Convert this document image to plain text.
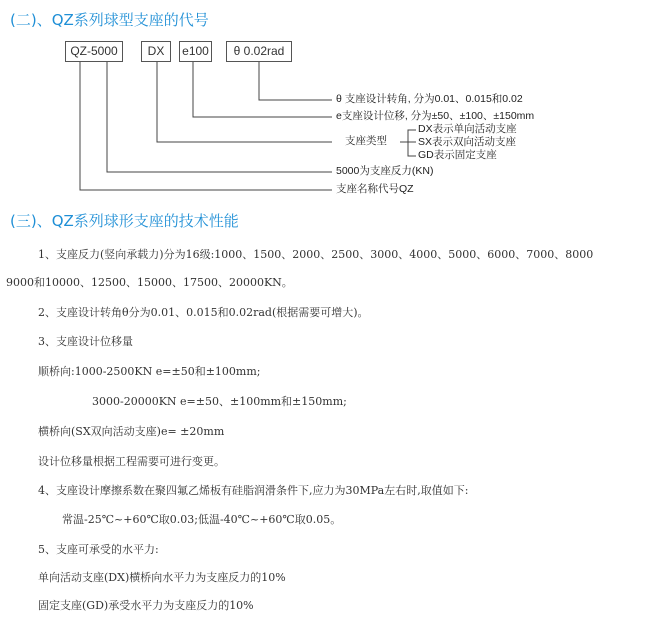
(二)、QZ系列球型支座的代号
QZ-5000	DX	e100	θ 0.02rad
θ 支座设计转角, 分为0.01、0.015和0.02
e支座设计位移, 分为±50、±100、±150mm
支座类型
DX表示单向活动支座
SX表示双向活动支座
GD表示固定支座
5000为支座反力(KN)
支座名称代号QZ
(三)、QZ系列球形支座的技术性能
1、支座反力(竖向承载力)分为16级:1000、1500、2000、2500、3000、4000、5000、6000、7000、8000
9000和10000、12500、15000、17500、20000KN。
2、支座设计转角θ分为0.01、0.015和0.02rad(根据需要可增大)。
3、支座设计位移量
顺桥向:1000-2500KN e=±50和±100mm;
3000-20000KN e=±50、±100mm和±150mm;
横桥向(SX双向活动支座)e= ±20mm
设计位移量根据工程需要可进行变更。
4、支座设计摩擦系数在聚四氟乙烯板有硅脂润滑条件下,应力为30MPa左右时,取值如下:
常温-25℃~+60℃取0.03;低温-40℃~+60℃取0.05。
5、支座可承受的水平力:
单向活动支座(DX)横桥向水平力为支座反力的10%
固定支座(GD)承受水平力为支座反力的10%
